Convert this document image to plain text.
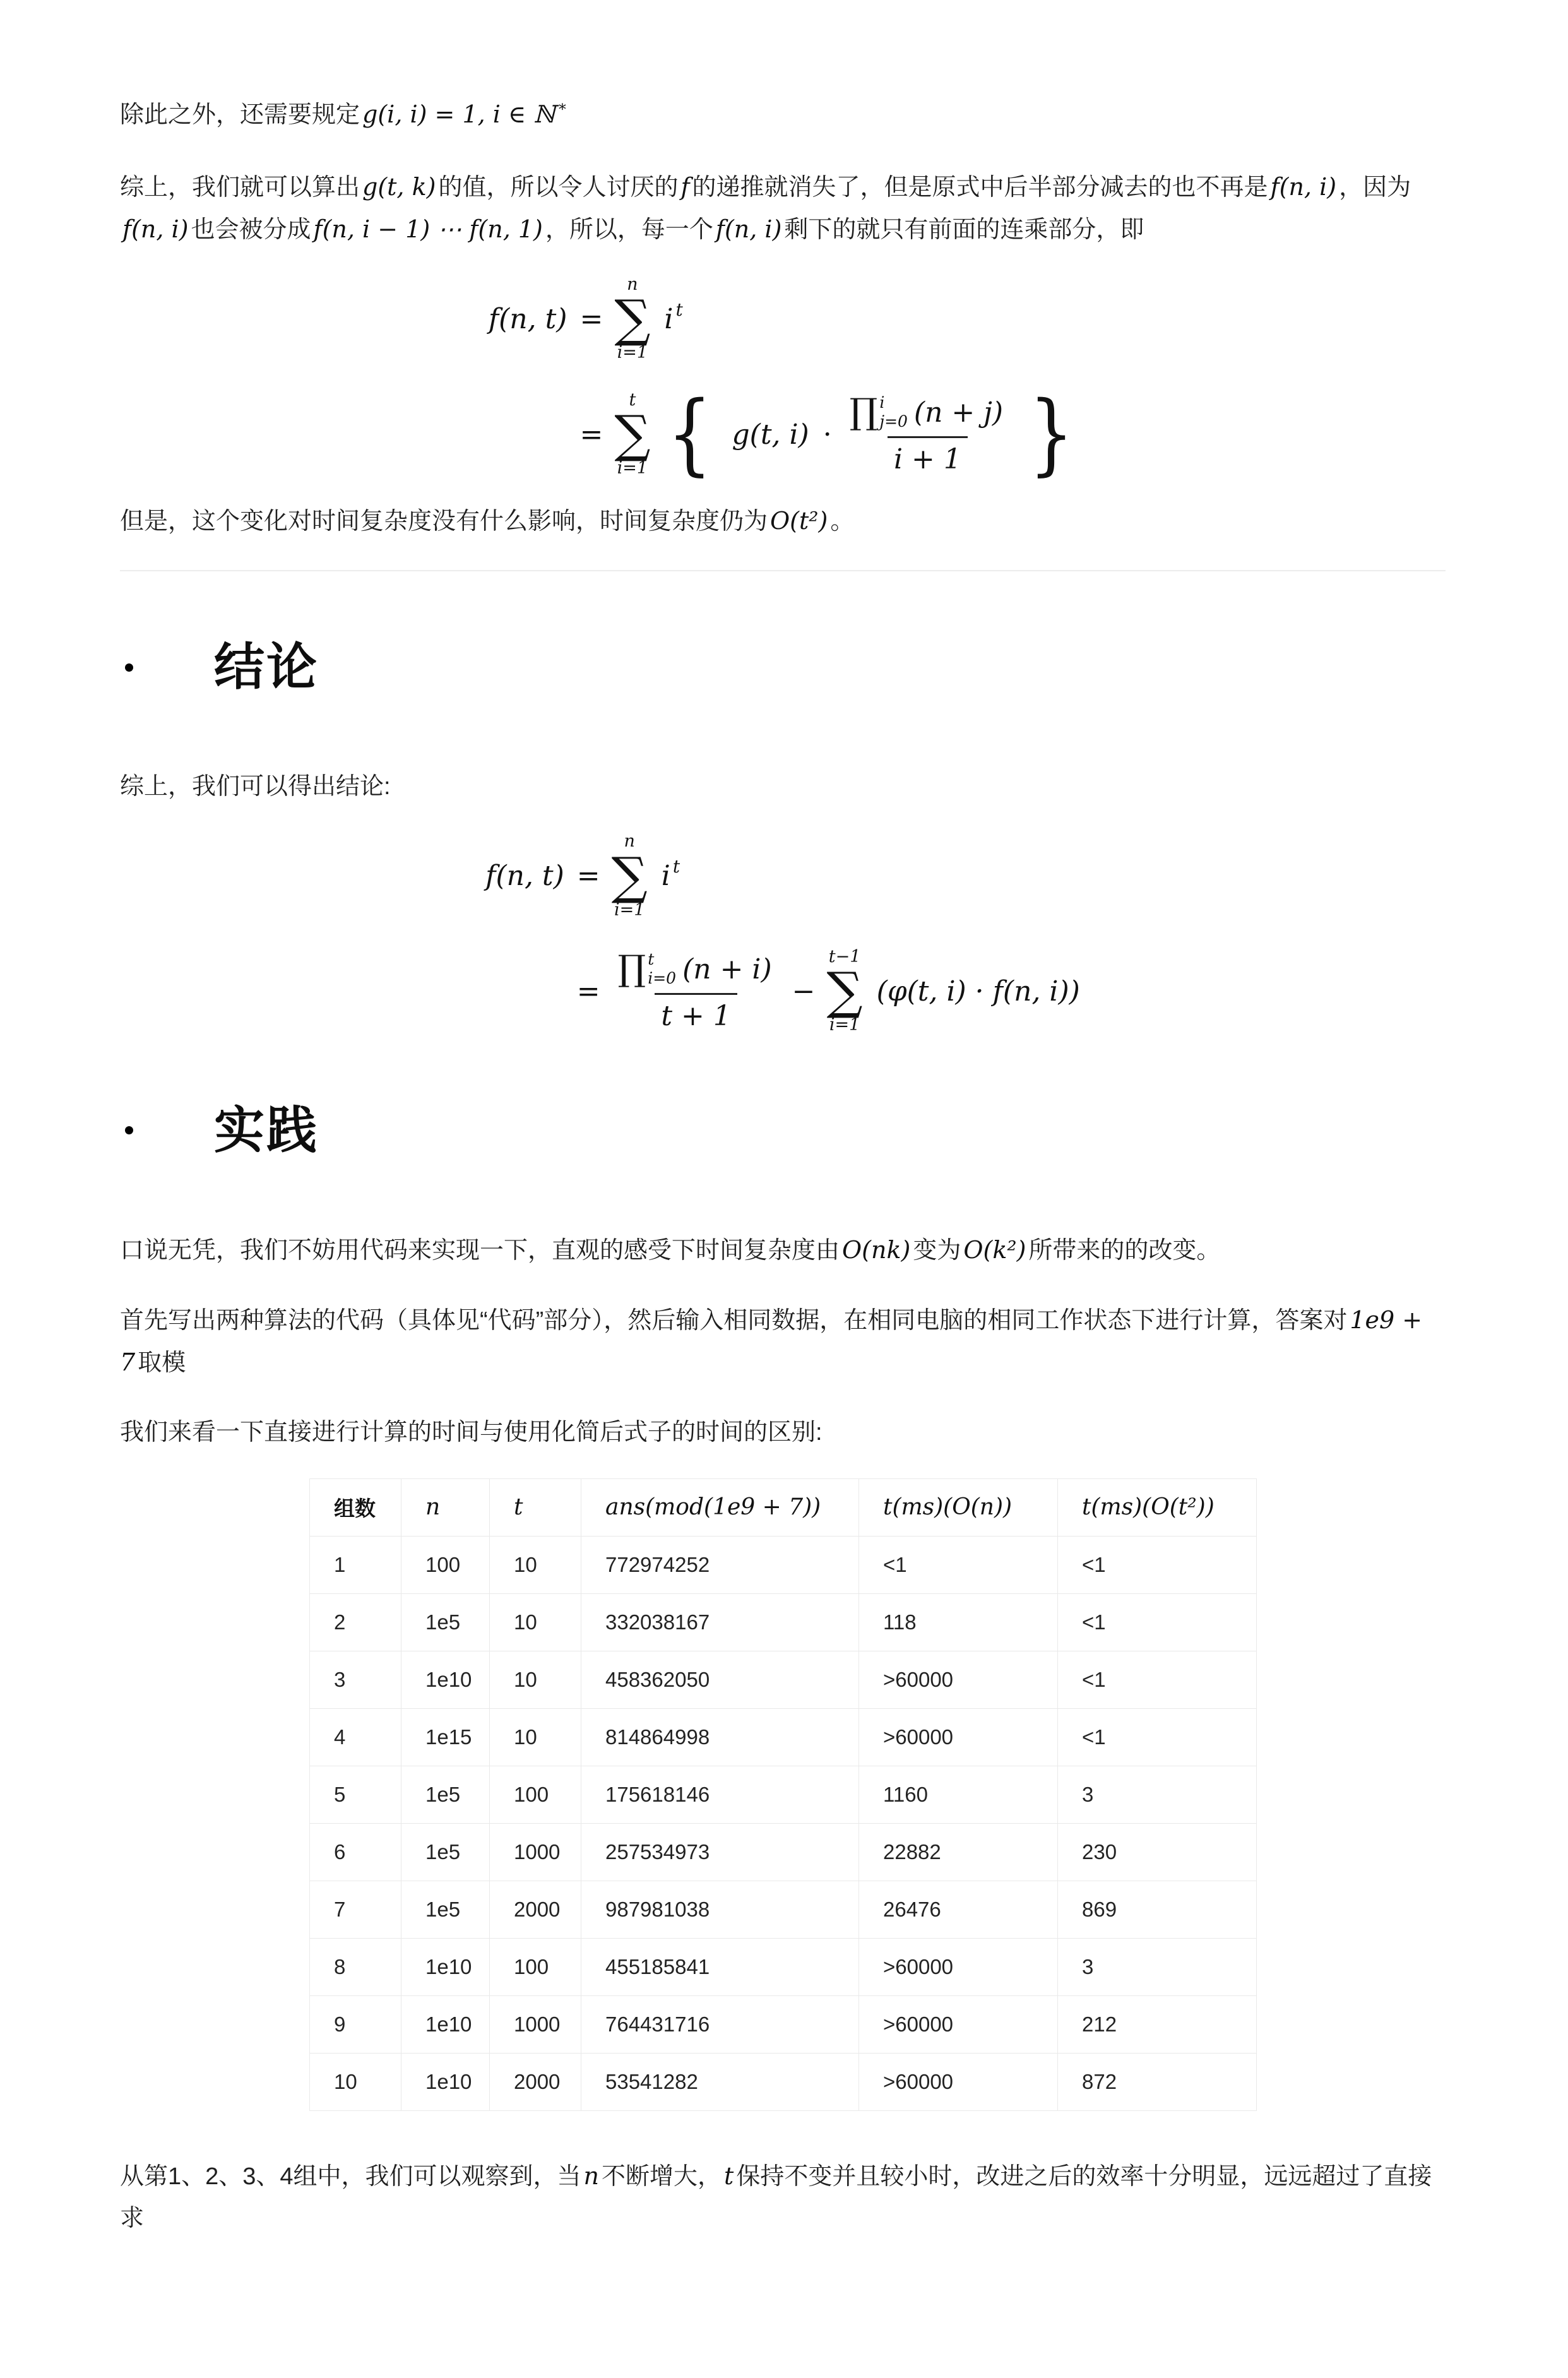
除此之外，还需要规定 g(i, i) = 1, i ∈ ℕ *

综上，我们就可以算出 g(t, k) 的值，所以令人讨厌的 f 的递推就消失了，但是原式中后半部分减去的也不再是 f(n, i) ，因为f(n, i) 也会被分成 f(n, i − 1) ⋯ f(n, 1) ，所以，每一个 f(n, i) 剩下的就只有前面的连乘部分，即

f(n, t) =
n
∑
i=1
i t
=
t
∑
i=1 { g(t, i) ·
∏ i
j=0 (n + j)
i + 1 }

但是，这个变化对时间复杂度没有什么影响，时间复杂度仍为 O(t²) 。

结论

综上，我们可以得出结论:

f(n, t) =
n
∑
i=1
i t
=
∏ t
i=0 (n + i)
t + 1
−
t−1
∑
i=1
(φ(t, i) · f(n, i))
实践

口说无凭，我们不妨用代码来实现一下，直观的感受下时间复杂度由 O(nk) 变为 O(k²) 所带来的的改变。

首先写出两种算法的代码（具体见“代码”部分），然后输入相同数据，在相同电脑的相同工作状态下进行计算，答案对 1e9 + 7 取模

我们来看一下直接进行计算的时间与使用化简后式子的时间的区别:

组数	n	t	ans(mod(1e9 + 7))	t(ms)(O(n))	t(ms)(O(t²))
1	100	10	772974252	<1	<1
2	1e5	10	332038167	118	<1
3	1e10	10	458362050	>60000	<1
4	1e15	10	814864998	>60000	<1
5	1e5	100	175618146	1160	3
6	1e5	1000	257534973	22882	230
7	1e5	2000	987981038	26476	869
8	1e10	100	455185841	>60000	3
9	1e10	1000	764431716	>60000	212
10	1e10	2000	53541282	>60000	872

从第1、2、3、4组中，我们可以观察到，当 n 不断增大， t 保持不变并且较小时，改进之后的效率十分明显，远远超过了直接求
